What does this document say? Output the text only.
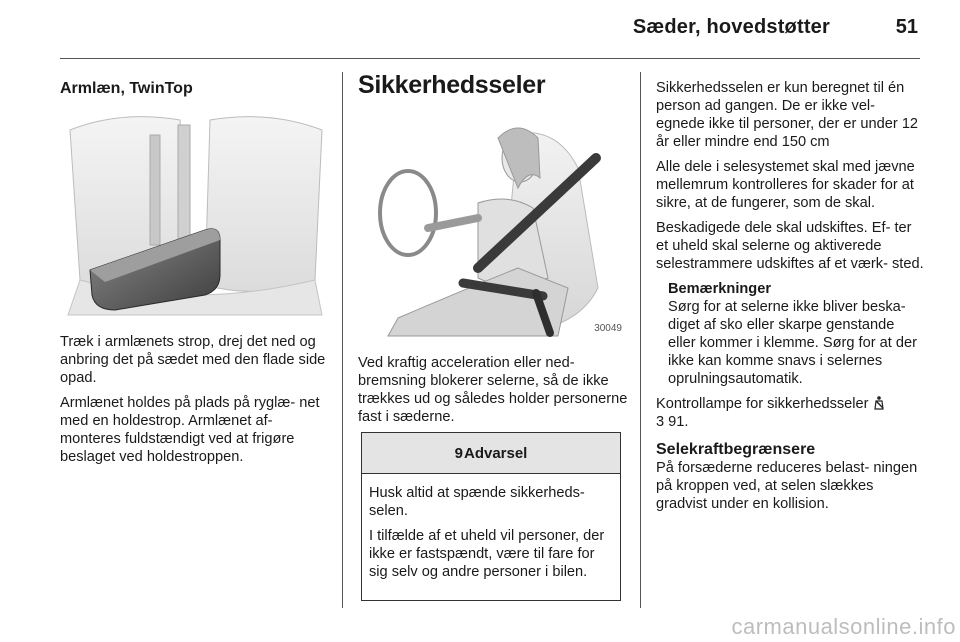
Sæder, hovedstøtter	51
Armlæn, TwinTop

Træk i armlænets strop, drej det ned og anbring det på sædet med den flade side opad.

Armlænet holdes på plads på ryglæ- net med en holdestrop. Armlænet af- monteres fuldstændigt ved at frigøre beslaget ved holdestroppen.

Sikkerhedsseler
30049

Ved kraftig acceleration eller ned- bremsning blokerer selerne, så de ikke trækkes ud og således holder personerne fast i sæderne.

9 Advarsel

Husk altid at spænde sikkerheds- selen.

I tilfælde af et uheld vil personer, der ikke er fastspændt, være til fare for sig selv og andre personer i bilen.

Sikkerhedsselen er kun beregnet til én person ad gangen. De er ikke vel- egnede ikke til personer, der er under 12 år eller mindre end 150 cm

Alle dele i selesystemet skal med jævne mellemrum kontrolleres for skader for at sikre, at de fungerer, som de skal.

Beskadigede dele skal udskiftes. Ef- ter et uheld skal selerne og aktiverede selestrammere udskiftes af et værk- sted.

Bemærkninger

Sørg for at selerne ikke bliver beska- diget af sko eller skarpe genstande eller kommer i klemme. Sørg for at der ikke kan komme snavs i selernes oprulningsautomatik.

Kontrollampe for sikkerhedsseler
3 91.

Selekraftbegrænsere

På forsæderne reduceres belast- ningen på kroppen ved, at selen slækkes gradvist under en kollision.

carmanualsonline.info
